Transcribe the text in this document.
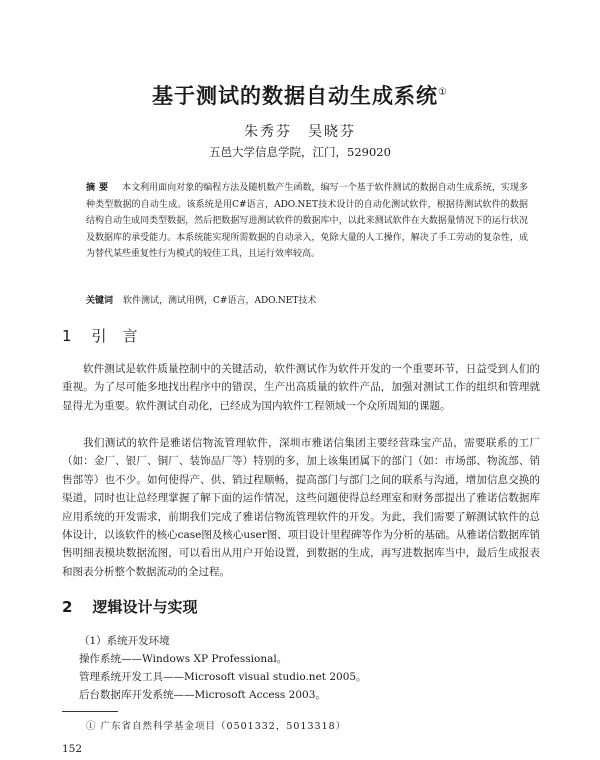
基于测试的数据自动生成系统①
朱秀芬　吴晓芬
五邑大学信息学院，江门，529020
摘要 本文利用面向对象的编程方法及随机数产生函数，编写一个基于软件测试的数据自动生成系统，实现多种类型数据的自动生成。该系统是用C#语言，ADO.NET技术设计的自动化测试软件，根据待测试软件的数据结构自动生成同类型数据，然后把数据写进测试软件的数据库中，以此来测试软件在大数据量情况下的运行状况及数据库的承受能力。本系统能实现所需数据的自动录入，免除大量的人工操作，解决了手工劳动的复杂性，成为替代某些重复性行为模式的较佳工具，且运行效率较高。
关键词 软件测试，测试用例，C#语言，ADO.NET技术
1 引言

软件测试是软件质量控制中的关键活动，软件测试作为软件开发的一个重要环节，日益受到人们的重视。为了尽可能多地找出程序中的错误，生产出高质量的软件产品，加强对测试工作的组织和管理就显得尤为重要。软件测试自动化，已经成为国内软件工程领域一个众所周知的课题。

我们测试的软件是雅诺信物流管理软件，深圳市雅诺信集团主要经营珠宝产品，需要联系的工厂（如：金厂、银厂、铜厂、装饰品厂等）特别的多，加上该集团属下的部门（如：市场部、物流部、销售部等）也不少。如何使得产、供、销过程顺畅，提高部门与部门之间的联系与沟通，增加信息交换的渠道，同时也让总经理掌握了解下面的运作情况，这些问题使得总经理室和财务部提出了雅诺信数据库应用系统的开发需求，前期我们完成了雅诺信物流管理软件的开发。为此，我们需要了解测试软件的总体设计，以该软件的核心case图及核心user图、项目设计里程碑等作为分析的基础。从雅诺信数据库销售明细表模块数据流图，可以看出从用户开始设置，到数据的生成，再写进数据库当中，最后生成报表和图表分析整个数据流动的全过程。

2 逻辑设计与实现
（1）系统开发环境
操作系统——Windows XP Professional。
管理系统开发工具——Microsoft visual studio.net 2005。
后台数据库开发系统——Microsoft Access 2003。
① 广东省自然科学基金项目（0501332，5013318）
152
